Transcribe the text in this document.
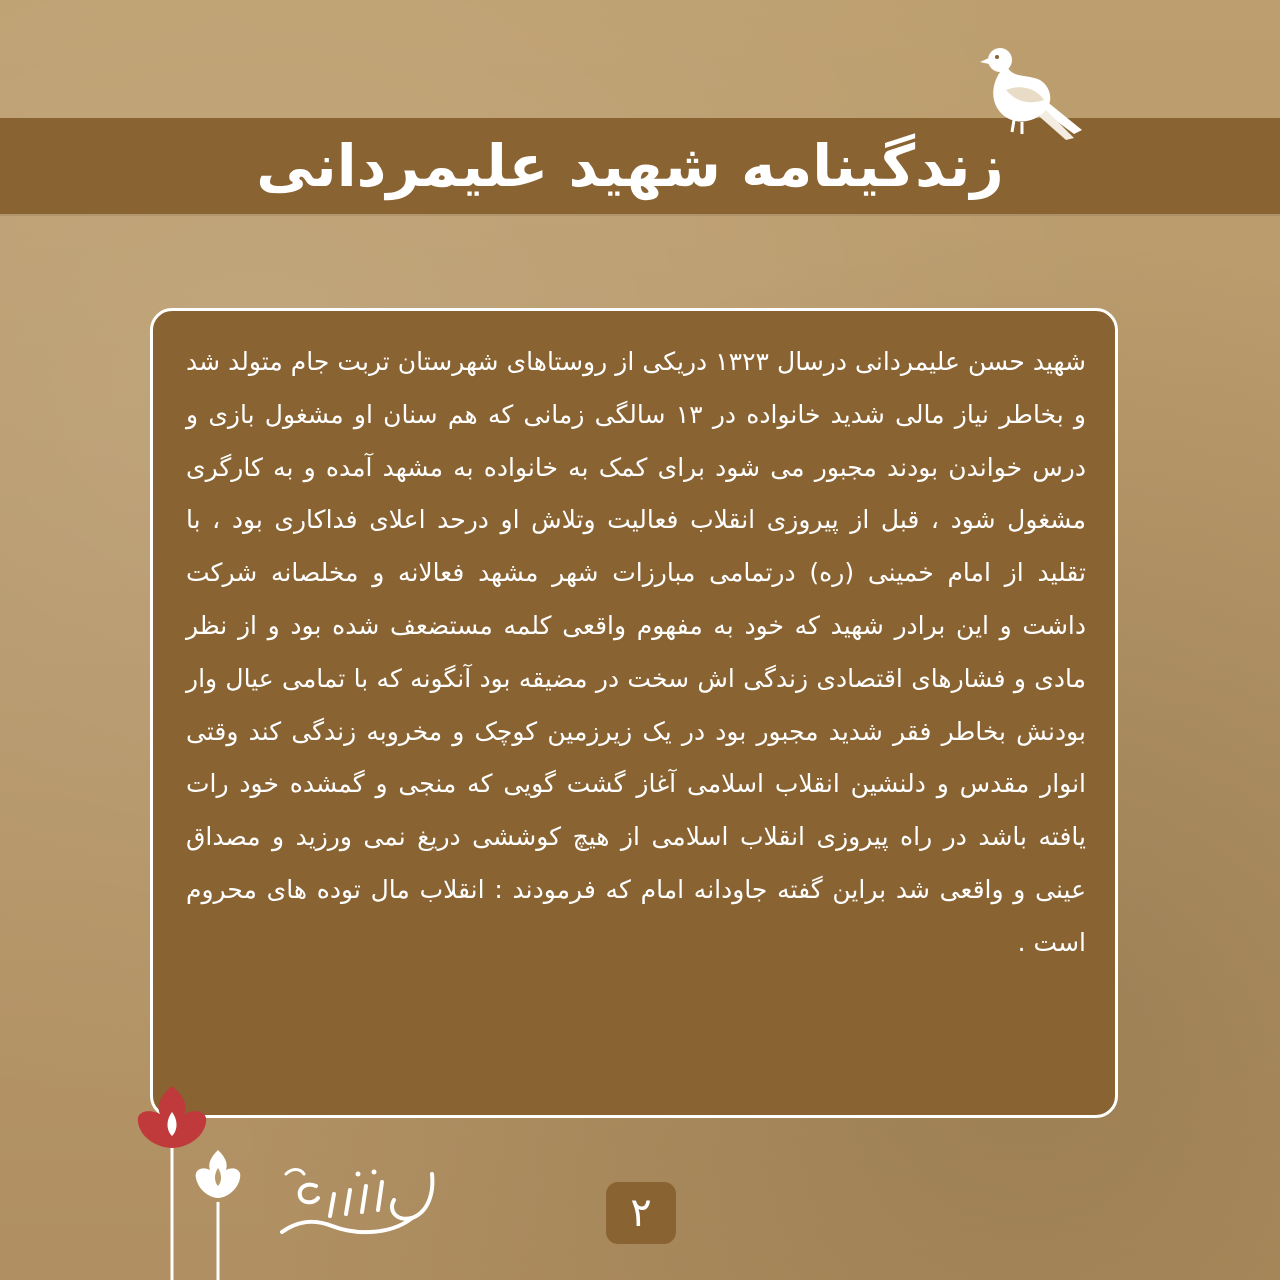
زندگینامه شهید علیمردانی

شهید حسن علیمردانی درسال ۱۳۲۳ دریکی از روستاهای شهرستان تربت جام متولد شد و بخاطر نیاز مالی شدید خانواده در ۱۳ سالگی زمانی که هم سنان او مشغول بازی و درس خواندن بودند مجبور می شود برای کمک به خانواده به مشهد آمده و به کارگری مشغول شود ، قبل از پیروزی انقلاب فعالیت وتلاش او درحد اعلای فداکاری بود ، با تقلید از امام خمینی (ره) درتمامی مبارزات شهر مشهد فعالانه و مخلصانه شرکت داشت و این برادر شهید که خود به مفهوم واقعی کلمه مستضعف شده بود و از نظر مادی و فشارهای اقتصادی زندگی اش سخت در مضیقه بود آنگونه که با تمامی عیال وار بودنش بخاطر فقر شدید مجبور بود در یک زیرزمین کوچک و مخروبه زندگی کند وقتی انوار مقدس و دلنشین انقلاب اسلامی آغاز گشت گویی که منجی و گمشده خود رات یافته باشد در راه پیروزی انقلاب اسلامی از هیچ کوششی دریغ نمی ورزید و مصداق عینی و واقعی شد براین گفته جاودانه امام که فرمودند : انقلاب مال توده های محروم است .

۲
